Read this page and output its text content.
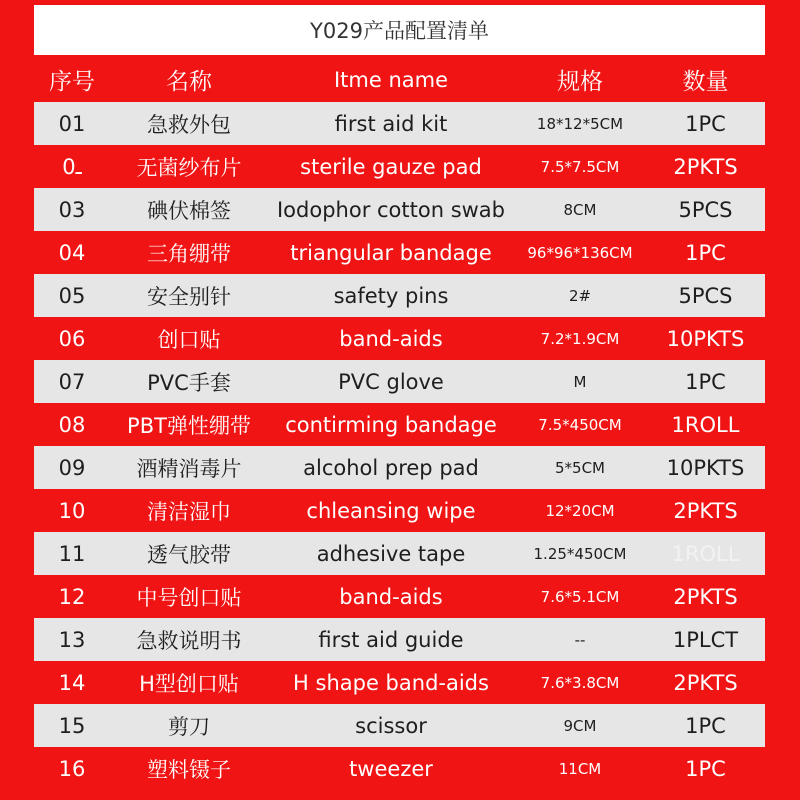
Y029产品配置清单
序号	名称	Itme name	规格	数量
01	急救外包	first aid kit	18*12*5CM	1PC
0ـ	无菌纱布片	sterile gauze pad	7.5*7.5CM	2PKTS
03	碘伏棉签	Iodophor cotton swab	8CM	5PCS
04	三角绷带	triangular bandage	96*96*136CM	1PC
05	安全别针	safety pins	2#	5PCS
06	创口贴	band-aids	7.2*1.9CM	10PKTS
07	PVC手套	PVC glove	M	1PC
08	PBT弹性绷带	contirming bandage	7.5*450CM	1ROLL
09	酒精消毒片	alcohol prep pad	5*5CM	10PKTS
10	清洁湿巾	chleansing wipe	12*20CM	2PKTS
11	透气胶带	adhesive tape	1.25*450CM	1ROLL
12	中号创口贴	band-aids	7.6*5.1CM	2PKTS
13	急救说明书	first aid guide	--	1PLCT
14	H型创口贴	H shape band-aids	7.6*3.8CM	2PKTS
15	剪刀	scissor	9CM	1PC
16	塑料镊子	tweezer	11CM	1PC
